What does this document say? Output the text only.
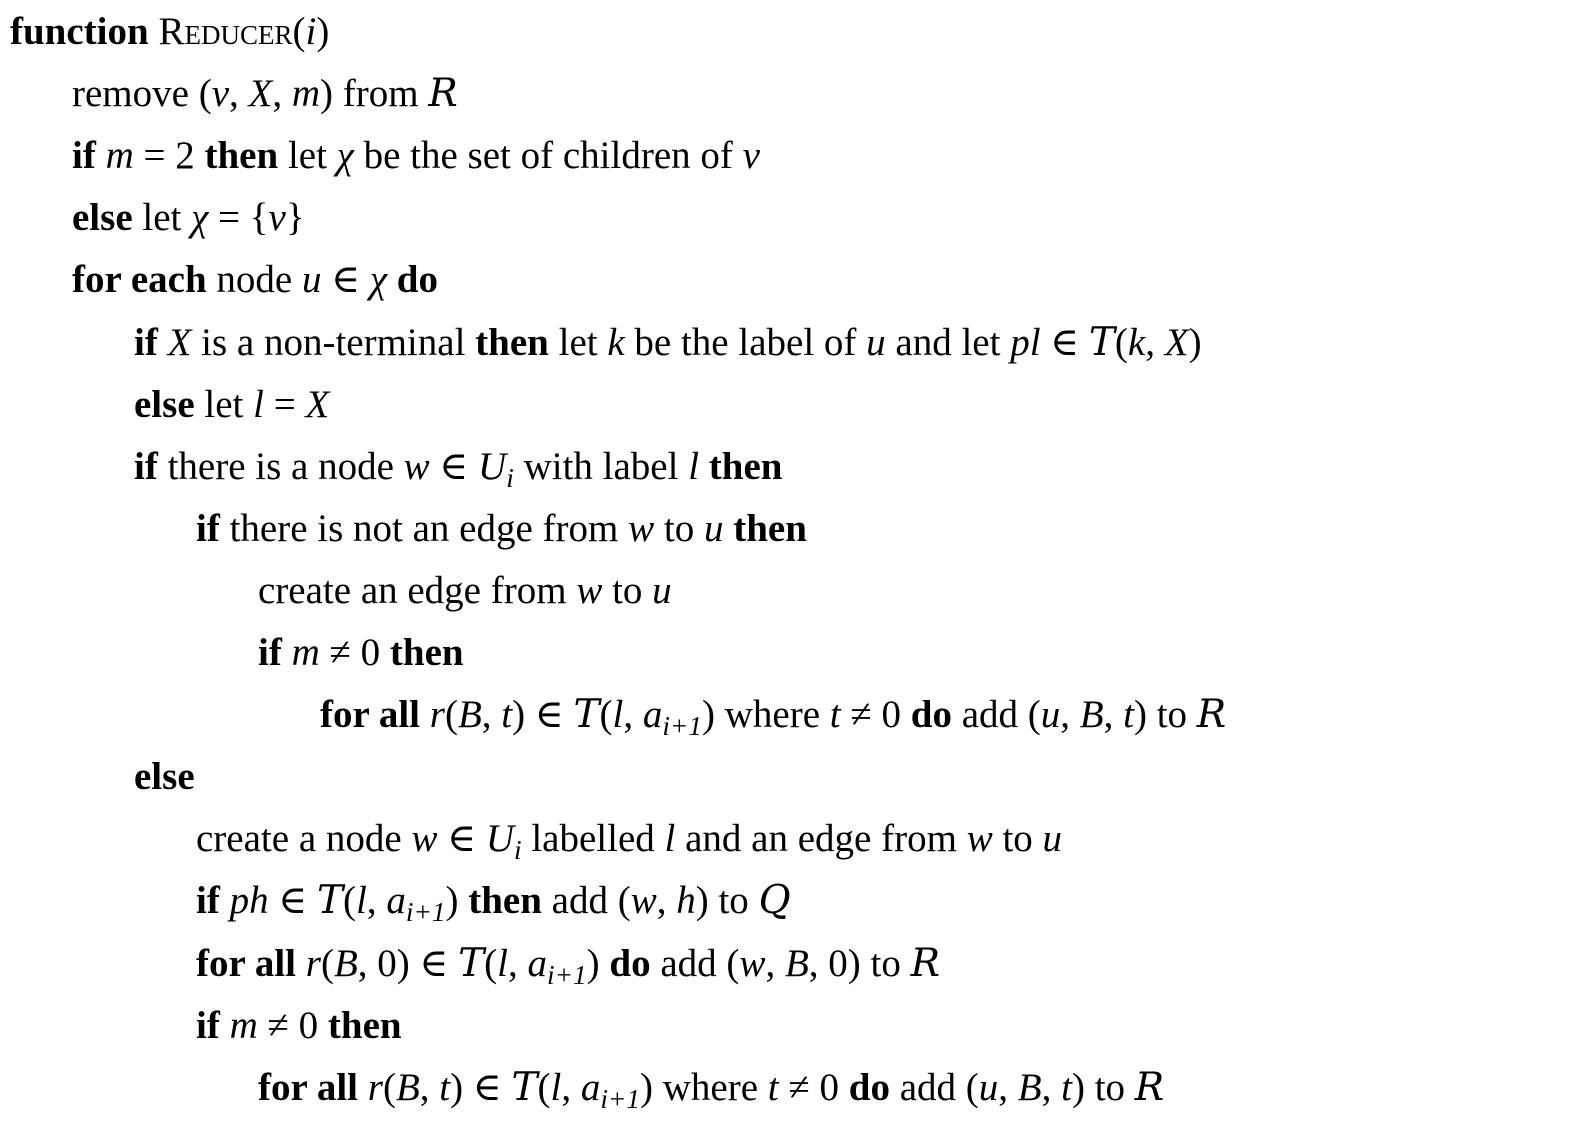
function Reducer(i)
remove (v, X, m) from R
if m = 2 then let χ be the set of children of v
else let χ = {v}
for each node u ∈ χ do
if X is a non-terminal then let k be the label of u and let pl ∈ T(k, X)
else let l = X
if there is a node w ∈ $U_i$ with label l then
if there is not an edge from w to u then
create an edge from w to u
if m ≠ 0 then
for all r(B, t) ∈ T(l, $a_{i+1}$) where t ≠ 0 do add (u, B, t) to R
else
create a node w ∈ $U_i$ labelled l and an edge from w to u
if ph ∈ T(l, $a_{i+1}$) then add (w, h) to Q
for all r(B, 0) ∈ T(l, $a_{i+1}$) do add (w, B, 0) to R
if m ≠ 0 then
for all r(B, t) ∈ T(l, $a_{i+1}$) where t ≠ 0 do add (u, B, t) to R
